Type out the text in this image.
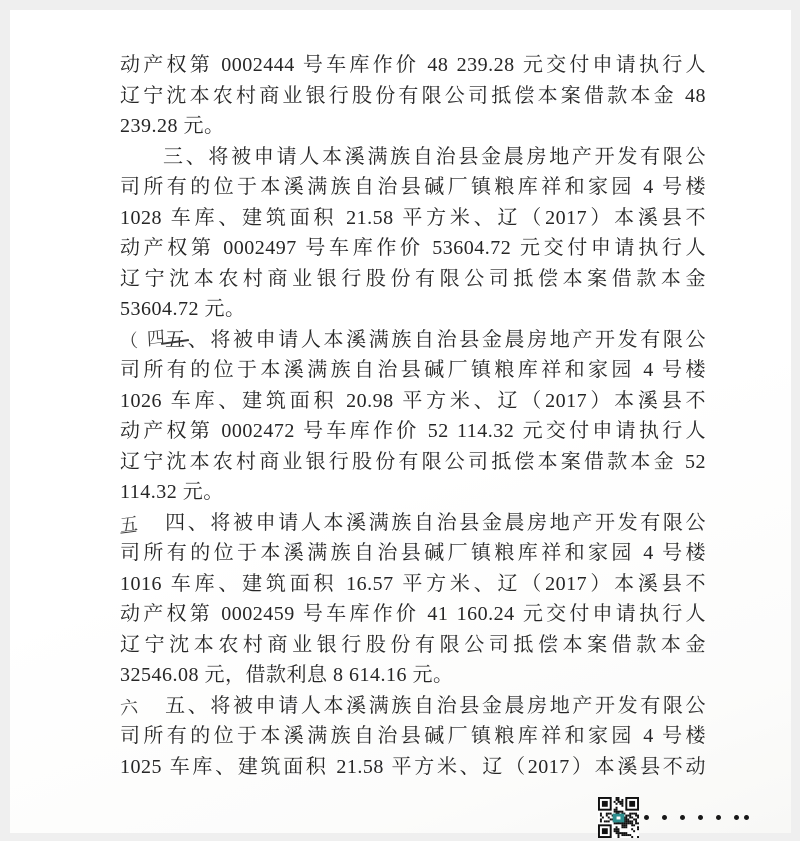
动产权第 0002444 号车库作价 48 239.28 元交付申请执行人
辽宁沈本农村商业银行股份有限公司抵偿本案借款本金 48
239.28 元。
三、将被申请人本溪满族自治县金晨房地产开发有限公
司所有的位于本溪满族自治县碱厂镇粮库祥和家园 4 号楼
1028 车库、建筑面积 21.58 平方米、辽（2017）本溪县不
动产权第 0002497 号车库作价 53604.72 元交付申请执行人
辽宁沈本农村商业银行股份有限公司抵偿本案借款本金
53604.72 元。
（四五、将被申请人本溪满族自治县金晨房地产开发有限公
司所有的位于本溪满族自治县碱厂镇粮库祥和家园 4 号楼
1026 车库、建筑面积 20.98 平方米、辽（2017）本溪县不
动产权第 0002472 号车库作价 52 114.32 元交付申请执行人
辽宁沈本农村商业银行股份有限公司抵偿本案借款本金 52
114.32 元。
五 四、将被申请人本溪满族自治县金晨房地产开发有限公
司所有的位于本溪满族自治县碱厂镇粮库祥和家园 4 号楼
1016 车库、建筑面积 16.57 平方米、辽（2017）本溪县不
动产权第 0002459 号车库作价 41 160.24 元交付申请执行人
辽宁沈本农村商业银行股份有限公司抵偿本案借款本金
32546.08 元，借款利息 8 614.16 元。
六 五、将被申请人本溪满族自治县金晨房地产开发有限公
司所有的位于本溪满族自治县碱厂镇粮库祥和家园 4 号楼
1025 车库、建筑面积 21.58 平方米、辽（2017）本溪县不动
